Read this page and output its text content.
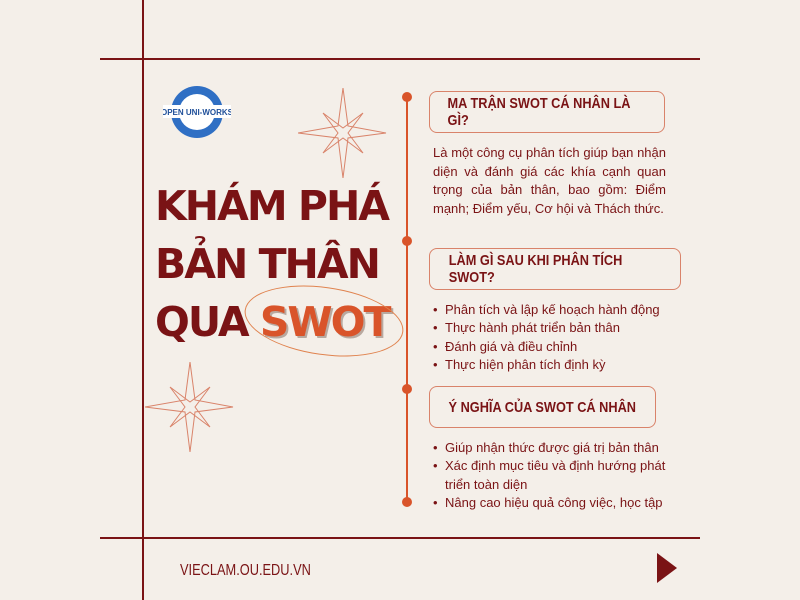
OPEN UNI-WORKS
KHÁM PHÁ
BẢN THÂN
QUA SWOT
MA TRẬN SWOT CÁ NHÂN LÀ GÌ?
Là một công cụ phân tích giúp bạn nhận diện và đánh giá các khía cạnh quan trọng của bản thân, bao gồm: Điểm mạnh; Điểm yếu, Cơ hội và Thách thức.
LÀM GÌ SAU KHI PHÂN TÍCH SWOT?
• Phân tích và lập kế hoạch hành động
• Thực hành phát triển bản thân
• Đánh giá và điều chỉnh
• Thực hiện phân tích định kỳ
Ý NGHĨA CỦA SWOT CÁ NHÂN
• Giúp nhận thức được giá trị bản thân
• Xác định mục tiêu và định hướng phát triển toàn diện
• Nâng cao hiệu quả công việc, học tập
VIECLAM.OU.EDU.VN
